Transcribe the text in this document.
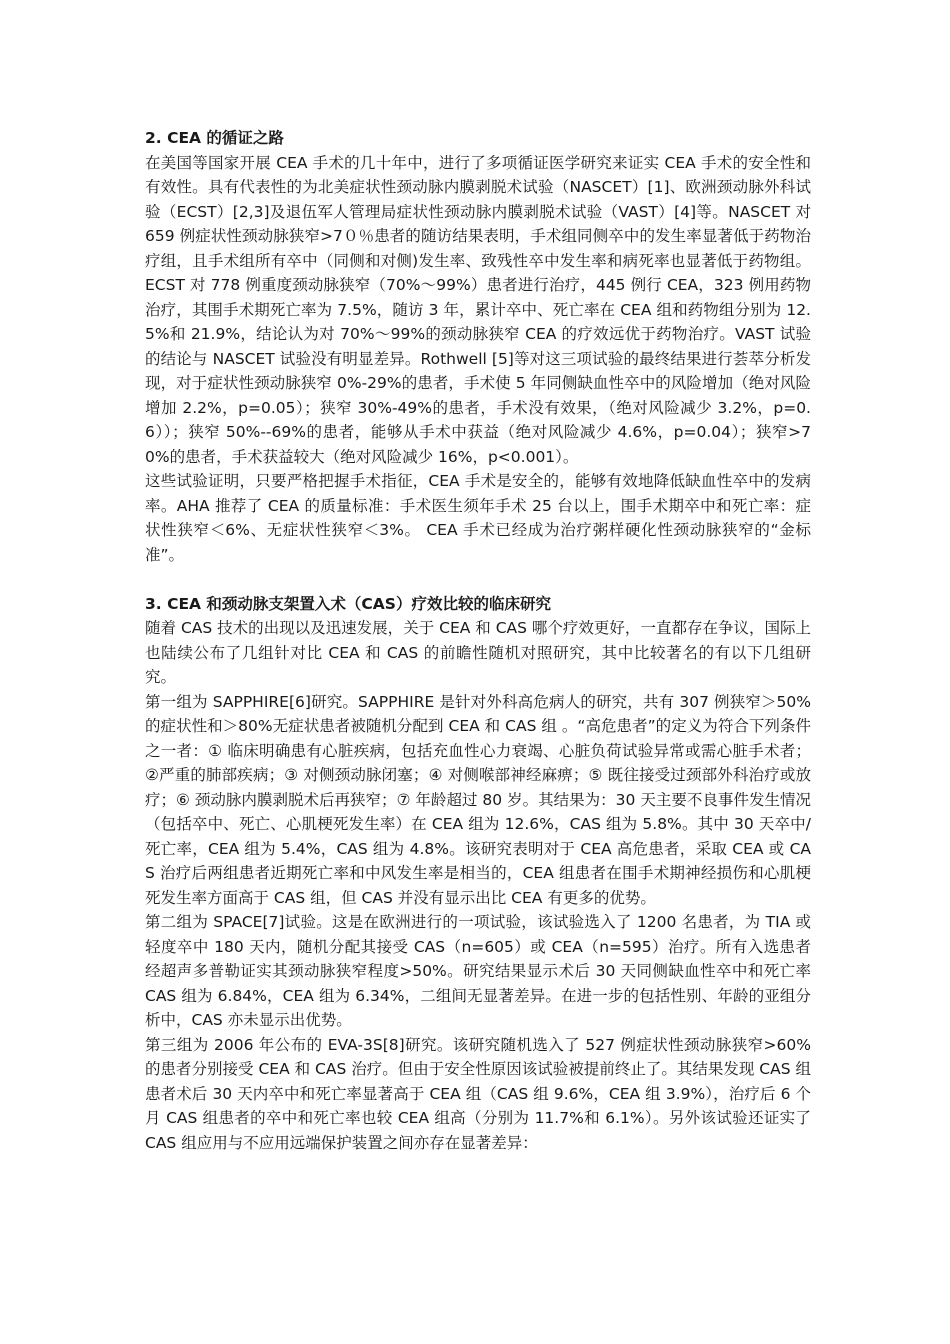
2. CEA 的循证之路

在美国等国家开展 CEA 手术的几十年中，进行了多项循证医学研究来证实 CEA 手术的安全性和有效性。具有代表性的为北美症状性颈动脉内膜剥脱术试验（NASCET）[1]、欧洲颈动脉外科试验（ECST）[2,3]及退伍军人管理局症状性颈动脉内膜剥脱术试验（VAST）[4]等。NASCET 对 659 例症状性颈动脉狭窄>7０％患者的随访结果表明，手术组同侧卒中的发生率显著低于药物治疗组，且手术组所有卒中（同侧和对侧)发生率、致残性卒中发生率和病死率也显著低于药物组。ECST 对 778 例重度颈动脉狭窄（70%～99%）患者进行治疗，445 例行 CEA，323 例用药物治疗，其围手术期死亡率为 7.5%，随访 3 年，累计卒中、死亡率在 CEA 组和药物组分别为 12.5%和 21.9%，结论认为对 70%～99%的颈动脉狭窄 CEA 的疗效远优于药物治疗。VAST 试验的结论与 NASCET 试验没有明显差异。Rothwell [5]等对这三项试验的最终结果进行荟萃分析发现，对于症状性颈动脉狭窄 0%-29%的患者，手术使 5 年同侧缺血性卒中的风险增加（绝对风险增加 2.2%，p=0.05）；狭窄 30%-49%的患者，手术没有效果，（绝对风险减少 3.2%，p=0.6））；狭窄 50%--69%的患者，能够从手术中获益（绝对风险减少 4.6%，p=0.04）；狭窄>70%的患者，手术获益较大（绝对风险减少 16%，p<0.001）。

这些试验证明，只要严格把握手术指征，CEA 手术是安全的，能够有效地降低缺血性卒中的发病率。AHA 推荐了 CEA 的质量标准：手术医生须年手术 25 台以上，围手术期卒中和死亡率：症状性狭窄＜6%、无症状性狭窄＜3%。 CEA 手术已经成为治疗粥样硬化性颈动脉狭窄的“金标准”。

3. CEA 和颈动脉支架置入术（CAS）疗效比较的临床研究

随着 CAS 技术的出现以及迅速发展，关于 CEA 和 CAS 哪个疗效更好，一直都存在争议，国际上也陆续公布了几组针对比 CEA 和 CAS 的前瞻性随机对照研究，其中比较著名的有以下几组研究。

第一组为 SAPPHIRE[6]研究。SAPPHIRE 是针对外科高危病人的研究，共有 307 例狭窄＞50%的症状性和＞80%无症状患者被随机分配到 CEA 和 CAS 组 。“高危患者”的定义为符合下列条件之一者：① 临床明确患有心脏疾病，包括充血性心力衰竭、心脏负荷试验异常或需心脏手术者；②严重的肺部疾病；③ 对侧颈动脉闭塞；④ 对侧喉部神经麻痹；⑤ 既往接受过颈部外科治疗或放疗；⑥ 颈动脉内膜剥脱术后再狭窄；⑦ 年龄超过 80 岁。其结果为：30 天主要不良事件发生情况（包括卒中、死亡、心肌梗死发生率）在 CEA 组为 12.6%，CAS 组为 5.8%。其中 30 天卒中/死亡率，CEA 组为 5.4%，CAS 组为 4.8%。该研究表明对于 CEA 高危患者，采取 CEA 或 CAS 治疗后两组患者近期死亡率和中风发生率是相当的，CEA 组患者在围手术期神经损伤和心肌梗死发生率方面高于 CAS 组，但 CAS 并没有显示出比 CEA 有更多的优势。

第二组为 SPACE[7]试验。这是在欧洲进行的一项试验，该试验选入了 1200 名患者，为 TIA 或轻度卒中 180 天内，随机分配其接受 CAS（n=605）或 CEA（n=595）治疗。所有入选患者经超声多普勒证实其颈动脉狭窄程度>50%。研究结果显示术后 30 天同侧缺血性卒中和死亡率 CAS 组为 6.84%，CEA 组为 6.34%，二组间无显著差异。在进一步的包括性别、年龄的亚组分析中，CAS 亦未显示出优势。

第三组为 2006 年公布的 EVA-3S[8]研究。该研究随机选入了 527 例症状性颈动脉狭窄>60%的患者分别接受 CEA 和 CAS 治疗。但由于安全性原因该试验被提前终止了。其结果发现 CAS 组患者术后 30 天内卒中和死亡率显著高于 CEA 组（CAS 组 9.6%，CEA 组 3.9%），治疗后 6 个月 CAS 组患者的卒中和死亡率也较 CEA 组高（分别为 11.7%和 6.1%）。另外该试验还证实了 CAS 组应用与不应用远端保护装置之间亦存在显著差异：
